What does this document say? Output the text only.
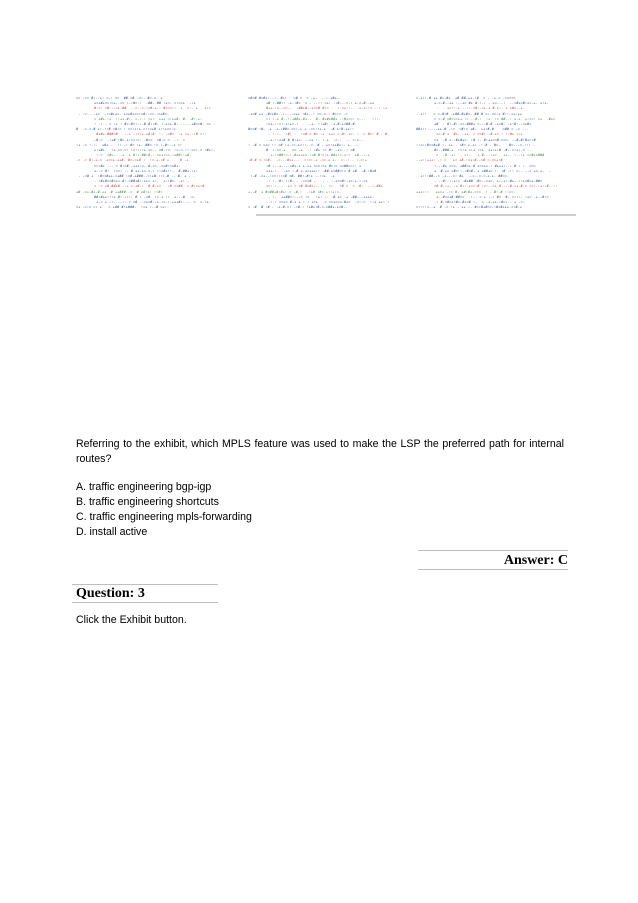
== .== #:-.+: =.: ==  ## =# -=:. #=.=- +
+=+#+==:=+-.== :-:#=.:  -##- ## :+=- =:==+  .:+
#-=: =#---=+.##  .-=.-=-:=#-+.. #===::  +  =.- +   +:=
- .=-. -+=  -:=#++=- +=+#+==:=#--==.:=+#=.
= +#+-:+  ::++.#:- =-: : =+:  +++ =:++#- #- .#:.+:
: -: - = :+ : #=-#=:---#.#::#- :.+=+-#- ----.+#==#- == .
#  .=.=.# +:-::# =#:= : ==:+:+-=::=+# +::+==.=
#+#+.###=#   --+ -:=:+.+#:#- :- -=#=  -+ =+..:# =:-
-#-=  -:+# :#= +:=+:=- -#==  =#.= =  -:  =
:+ .= :-:-  +#+ -  :: -: #= :+. ##= := :.#:-.+ =:
+:+#+   :+ ==-=: :=::::+-==.- =#-:=. :=-=-::.==:-= :#+:-
:-=  =#=.- -+  + #::-##:#-- =++:==-:+##::+#.
-= .= #:-+-= .+==+-++#. #=-=+# :  :=.+-:# + .   # -+
==:#+ --- = #:=#.-+++:=- #-==.-==#:=+#+-
+--= #:  :==: .- # ++-+=-=.: ::=#+::-  #-##+.:+:
. .=# +  :#==#++-=+## :=#.+###--=:+#.::=-# .- #- + - .
. :#+#==#=+=.#:.=##+#:-++= +:-  +-:#=- .+: -
= -= +#.##+# --+ =-+#-:  # #.+=   :# ==##  =.#:=+:#
+# .=+-#+-#-++  # ++### .=  # +#:+: ::#:
##:#++:::+ #:.:::: # : -=#  := + ::  +-.-#  .=.
+-= + -:. --:- = =# .-=+=#.-+-:=-:.+++#:..-- =  =-:+.
=+ .=:= =: +   = +## #:+###-  :=+ :--# =+:-
=#=# #=#+:.-:. #=:   =# =  = .+-  -.:-+#+--
+# :-##:: -+-:#=  = . .-:: =+: .:#--.=.: +-=-#.-++
#++-:+--==--  :##+#.-+==# #:= -  :-=+::.. -+-+::= --: :+
.+=# ++ -#=+#=.-:--.-=++ :#+.-: ==-=-: #=:= -=
=: :-+ #--:.+##+-#+.-  #- #+#+##+ -:#+==: =--.   :::.
:=+-::=:.+:+=-:  - --+- ::+#: .+.#-+=##.#-
#==# :#- .+ -+-:##=-==:.+ + -==::+-+  -# +:#-++::
- :-:-  :#: .  :=#-= #= :+  ++= =-#: +=- : -= #=: # - #
--+-::++# # #:+=- --=+ :- :.+  -=--  -. =:+--
: -# = =+= :: =# :+-:=-+=::--=- # - +=:++#+:- +- .-
#  :-==.+   == -+  -: :#+ := #: -+=.-: =#
+.:=##:=.:-#++=+=-:+# #:=:+.##+:=-+::  +#.-:-+
-#-# =-:=#-  -=.-.#=+-.-  =:=:.+ -==-+ +-  =--: - :-=:+
:# :--+----=#+.+ +-=+ ===:=+ #=:= ==##==:: +
+++.:-  -+= :.# +-+=+++:: -##-+=##=:= # +#  -#.:#+#
:-# -=+..:==:::=# =#- ##:-#:+ --:=+  -+
-: :-.#: ::#. - .===# -   - - --+==#:-+=.+.:-=+
==:.:.--  += = =# #=#+:.-:.  =:   =# =  = -#-  -.:-##+
+--#  + #=##+#:#+:-= -#-:  -:+# :#= +::+:=-
- :-  ++##=:---= :=   :+: -- .# += -+ -##---++++-
..:.: ==+= #-+ + : : +=+   = ==+===.#+=  -=:-=  ::+ ++: :
= -#  # :# - .+.#.=: -:#.: :+#+:#-=-=##+-+=#-.
=-+::-# ++ #=-#+  +# ##-++.:#  = - .+-= -=====
+-=-#.-++ .--+= #+ #.:.: - +=---:  --=#+=#:+=.+- +:+-
.  . +=::-+ ..::.=#-.=+.+ #.+:. + =#=--+.
. +::   = =-#:# -+##-#+#=- ## # =:.==:+ #::-=+-++
= =-# =#===++ := --#-:  :+  := ##-.: +.+  +:==: =+  .#+=
+#  . #:-#:-==-###+ =.--#-# -+=#. .+:#:--=+#=
##+:: --.-++-# -:=  =#:= +#-  ++:#.#    =## = -= -.-
+=-# +  #+. -++- = ==#:--#-+= : :.#+ =:+
=+  .# + -#+#+=. :# :. #:++==#-===. --#-#:#+=:#
::+::#==#+# :. ++ - :#= +-+: .:-# - #=-    #=-..=-::: -
#=--###-+  :=:+ =:+ :=+  ++:+:# -#-.=:+:-= .
=  .#- +:  . =:-.  + #---:+=   ++-- :.-:+ ==#++###
--+::+++: .: =   += +#.:=+:#.-=# =-==+:#
:---#+ ===- +##=+-# +==++-: #+++:--: # : :- ===
+  #.+= =#=::-:#=#- + +##+= :  :# -:: =-. --= +=-+-  -
+:::##--= -+--.=: #+  .-=.-=-=-+-+. ##==-
- --#:-:.+:= .#+## .#=--=+=- +:-+:-#+--::+=#=+-##=
=# #.:+- -+ #::.+==.# :=:--=+ #..--#-=+.#.= ==:.:+:-#- ::
+++:::   ++=+ -:= #. +#:#+-===  : - #:.# ::==.
+--#==+# ##==   :-. = + --: #=  #- =:::- :+= .+.-#:=
.: #.=#=+:#=-#+=# :-  = -+.++.:#=:-- + .=-
=::::=--+  # -= :+ - ++ :- #=:#+#==-:#=#+++.=:#.+
Referring to the exhibit, which MPLS feature was used to make the LSP the preferred path for internal routes?
A. traffic engineering bgp-igp
B. traffic engineering shortcuts
C. traffic engineering mpls-forwarding
D. install active
Answer: C
Question: 3
Click the Exhibit button.
